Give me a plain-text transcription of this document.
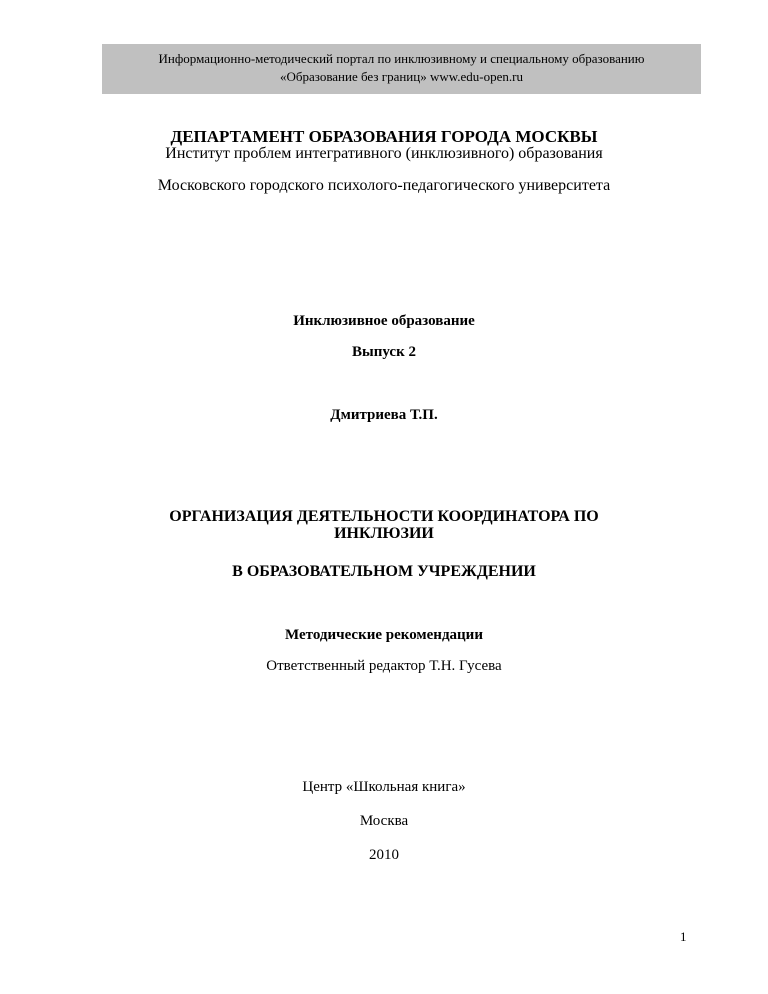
Информационно-методический портал по инклюзивному и специальному образованию
«Образование без границ» www.edu-open.ru
ДЕПАРТАМЕНТ ОБРАЗОВАНИЯ ГОРОДА МОСКВЫ
Институт проблем интегративного (инклюзивного) образования
Московского городского психолого-педагогического университета
Инклюзивное образование
Выпуск 2
Дмитриева Т.П.
ОРГАНИЗАЦИЯ ДЕЯТЕЛЬНОСТИ КООРДИНАТОРА ПО
ИНКЛЮЗИИ
В ОБРАЗОВАТЕЛЬНОМ УЧРЕЖДЕНИИ
Методические рекомендации
Ответственный редактор Т.Н. Гусева
Центр «Школьная книга»
Москва
2010
1
